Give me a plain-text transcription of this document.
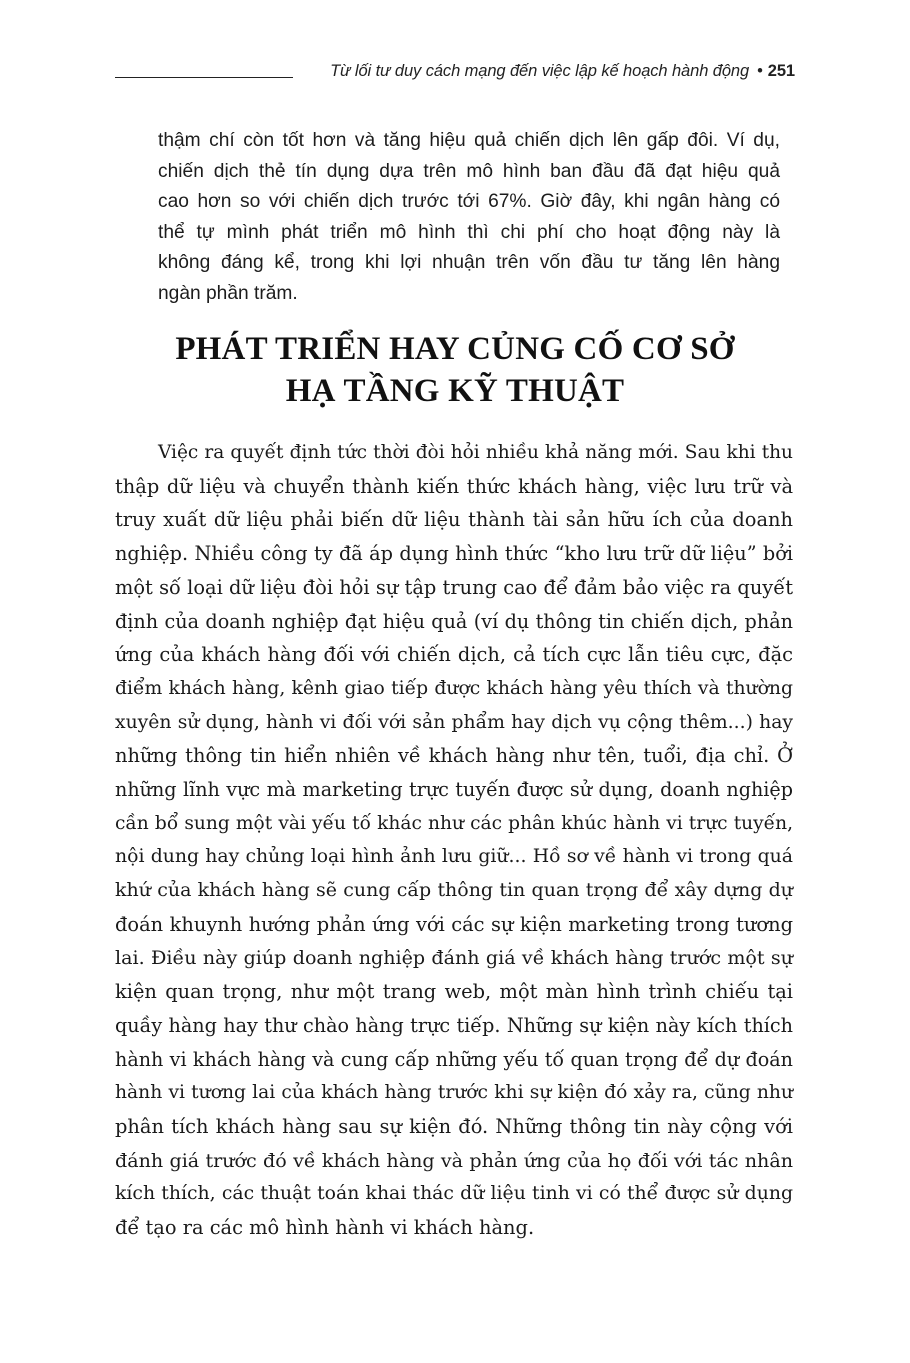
Từ lối tư duy cách mạng đến việc lập kế hoạch hành động • 251
thậm chí còn tốt hơn và tăng hiệu quả chiến dịch lên gấp đôi. Ví dụ,
chiến dịch thẻ tín dụng dựa trên mô hình ban đầu đã đạt hiệu quả
cao hơn so với chiến dịch trước tới 67%. Giờ đây, khi ngân hàng có
thể tự mình phát triển mô hình thì chi phí cho hoạt động này là
không đáng kể, trong khi lợi nhuận trên vốn đầu tư tăng lên hàng
ngàn phần trăm.
PHÁT TRIỂN HAY CỦNG CỐ CƠ SỞ
HẠ TẦNG KỸ THUẬT
Việc ra quyết định tức thời đòi hỏi nhiều khả năng mới. Sau khi thu
thập dữ liệu và chuyển thành kiến thức khách hàng, việc lưu trữ và
truy xuất dữ liệu phải biến dữ liệu thành tài sản hữu ích của doanh
nghiệp. Nhiều công ty đã áp dụng hình thức “kho lưu trữ dữ liệu” bởi
một số loại dữ liệu đòi hỏi sự tập trung cao để đảm bảo việc ra quyết
định của doanh nghiệp đạt hiệu quả (ví dụ thông tin chiến dịch, phản
ứng của khách hàng đối với chiến dịch, cả tích cực lẫn tiêu cực, đặc
điểm khách hàng, kênh giao tiếp được khách hàng yêu thích và thường
xuyên sử dụng, hành vi đối với sản phẩm hay dịch vụ cộng thêm...) hay
những thông tin hiển nhiên về khách hàng như tên, tuổi, địa chỉ. Ở
những lĩnh vực mà marketing trực tuyến được sử dụng, doanh nghiệp
cần bổ sung một vài yếu tố khác như các phân khúc hành vi trực tuyến,
nội dung hay chủng loại hình ảnh lưu giữ... Hồ sơ về hành vi trong quá
khứ của khách hàng sẽ cung cấp thông tin quan trọng để xây dựng dự
đoán khuynh hướng phản ứng với các sự kiện marketing trong tương
lai. Điều này giúp doanh nghiệp đánh giá về khách hàng trước một sự
kiện quan trọng, như một trang web, một màn hình trình chiếu tại
quầy hàng hay thư chào hàng trực tiếp. Những sự kiện này kích thích
hành vi khách hàng và cung cấp những yếu tố quan trọng để dự đoán
hành vi tương lai của khách hàng trước khi sự kiện đó xảy ra, cũng như
phân tích khách hàng sau sự kiện đó. Những thông tin này cộng với
đánh giá trước đó về khách hàng và phản ứng của họ đối với tác nhân
kích thích, các thuật toán khai thác dữ liệu tinh vi có thể được sử dụng
để tạo ra các mô hình hành vi khách hàng.
